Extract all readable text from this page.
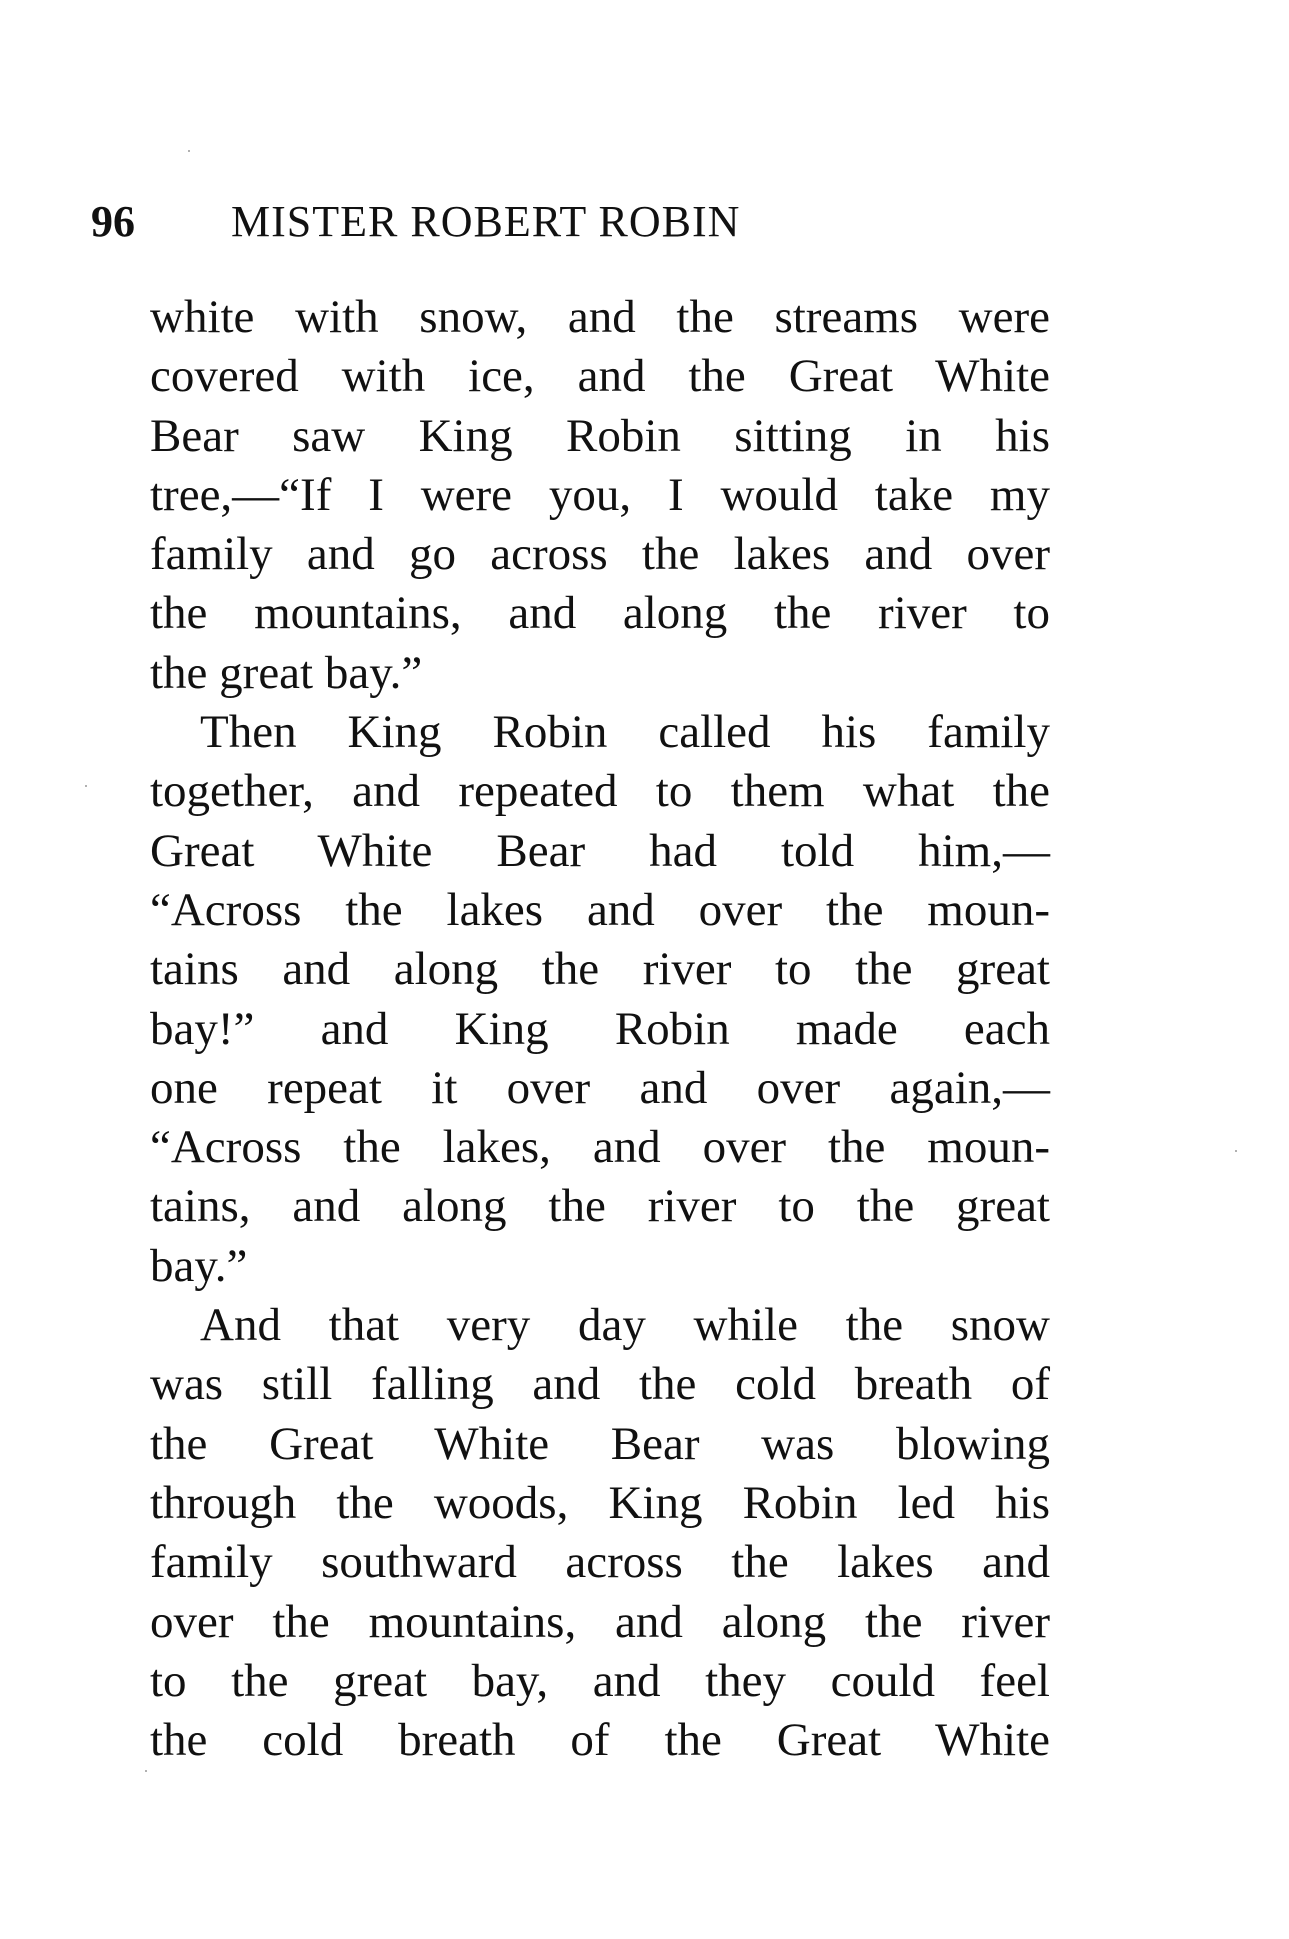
96 MISTER ROBERT ROBIN
white with snow, and the streams were
covered with ice, and the Great White
Bear saw King Robin sitting in his
tree,—“If I were you, I would take my
family and go across the lakes and over
the mountains, and along the river to
the great bay.”
Then King Robin called his family
together, and repeated to them what the
Great White Bear had told him,—
“Across the lakes and over the moun-
tains and along the river to the great
bay!” and King Robin made each
one repeat it over and over again,—
“Across the lakes, and over the moun-
tains, and along the river to the great
bay.”
And that very day while the snow
was still falling and the cold breath of
the Great White Bear was blowing
through the woods, King Robin led his
family southward across the lakes and
over the mountains, and along the river
to the great bay, and they could feel
the cold breath of the Great White
